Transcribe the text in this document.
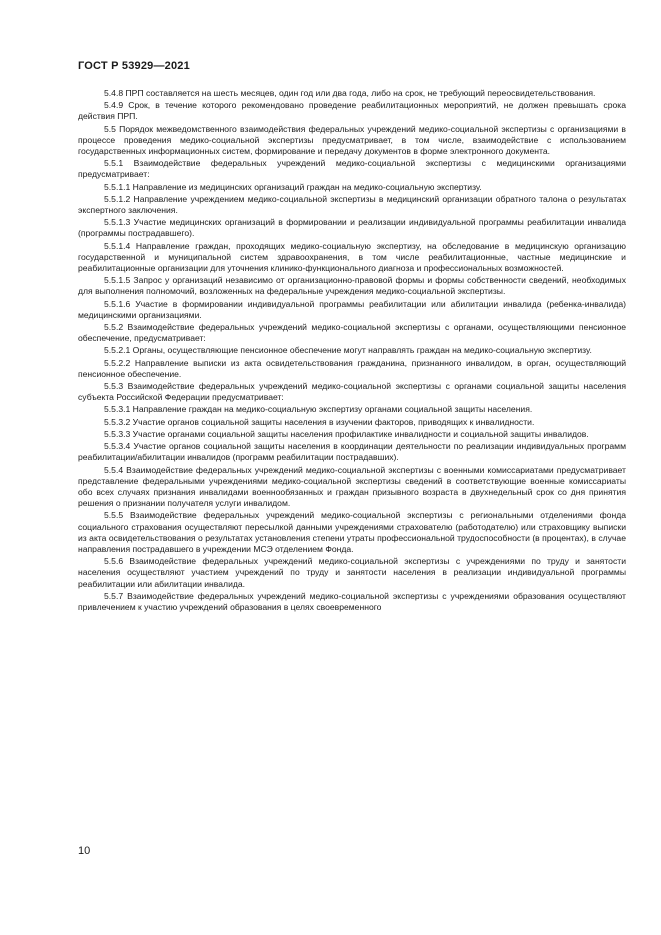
ГОСТ Р 53929—2021

5.4.8 ПРП составляется на шесть месяцев, один год или два года, либо на срок, не требующий переосвидетельствования.

5.4.9 Срок, в течение которого рекомендовано проведение реабилитационных мероприятий, не должен превышать срока действия ПРП.

5.5 Порядок межведомственного взаимодействия федеральных учреждений медико-социальной экспертизы с организациями в процессе проведения медико-социальной экспертизы предусматривает, в том числе, взаимодействие с использованием государственных информационных систем, формирование и передачу документов в форме электронного документа.

5.5.1 Взаимодействие федеральных учреждений медико-социальной экспертизы с медицинскими организациями предусматривает:

5.5.1.1 Направление из медицинских организаций граждан на медико-социальную экспертизу.

5.5.1.2 Направление учреждением медико-социальной экспертизы в медицинский организации обратного талона о результатах экспертного заключения.

5.5.1.3 Участие медицинских организаций в формировании и реализации индивидуальной программы реабилитации инвалида (программы пострадавшего).

5.5.1.4 Направление граждан, проходящих медико-социальную экспертизу, на обследование в медицинскую организацию государственной и муниципальной систем здравоохранения, в том числе реабилитационные, частные медицинские и реабилитационные организации для уточнения клинико-функционального диагноза и профессиональных возможностей.

5.5.1.5 Запрос у организаций независимо от организационно-правовой формы и формы собственности сведений, необходимых для выполнения полномочий, возложенных на федеральные учреждения медико-социальной экспертизы.

5.5.1.6 Участие в формировании индивидуальной программы реабилитации или абилитации инвалида (ребенка-инвалида) медицинскими организациями.

5.5.2 Взаимодействие федеральных учреждений медико-социальной экспертизы с органами, осуществляющими пенсионное обеспечение, предусматривает:

5.5.2.1 Органы, осуществляющие пенсионное обеспечение могут направлять граждан на медико-социальную экспертизу.

5.5.2.2 Направление выписки из акта освидетельствования гражданина, признанного инвалидом, в орган, осуществляющий пенсионное обеспечение.

5.5.3 Взаимодействие федеральных учреждений медико-социальной экспертизы с органами социальной защиты населения субъекта Российской Федерации предусматривает:

5.5.3.1 Направление граждан на медико-социальную экспертизу органами социальной защиты населения.

5.5.3.2 Участие органов социальной защиты населения в изучении факторов, приводящих к инвалидности.

5.5.3.3 Участие органами социальной защиты населения профилактике инвалидности и социальной защиты инвалидов.

5.5.3.4 Участие органов социальной защиты населения в координации деятельности по реализации индивидуальных программ реабилитации/абилитации инвалидов (программ реабилитации пострадавших).

5.5.4 Взаимодействие федеральных учреждений медико-социальной экспертизы с военными комиссариатами предусматривает представление федеральными учреждениями медико-социальной экспертизы сведений в соответствующие военные комиссариаты обо всех случаях признания инвалидами военнообязанных и граждан призывного возраста в двухнедельный срок со дня принятия решения о признании получателя услуги инвалидом.

5.5.5 Взаимодействие федеральных учреждений медико-социальной экспертизы с региональными отделениями фонда социального страхования осуществляют пересылкой данными учреждениями страхователю (работодателю) или страховщику выписки из акта освидетельствования о результатах установления степени утраты профессиональной трудоспособности (в процентах), в случае направления пострадавшего в учреждении МСЭ отделением Фонда.

5.5.6 Взаимодействие федеральных учреждений медико-социальной экспертизы с учреждениями по труду и занятости населения осуществляют участием учреждений по труду и занятости населения в реализации индивидуальной программы реабилитации или абилитации инвалида.

5.5.7 Взаимодействие федеральных учреждений медико-социальной экспертизы с учреждениями образования осуществляют привлечением к участию учреждений образования в целях своевременного

10
